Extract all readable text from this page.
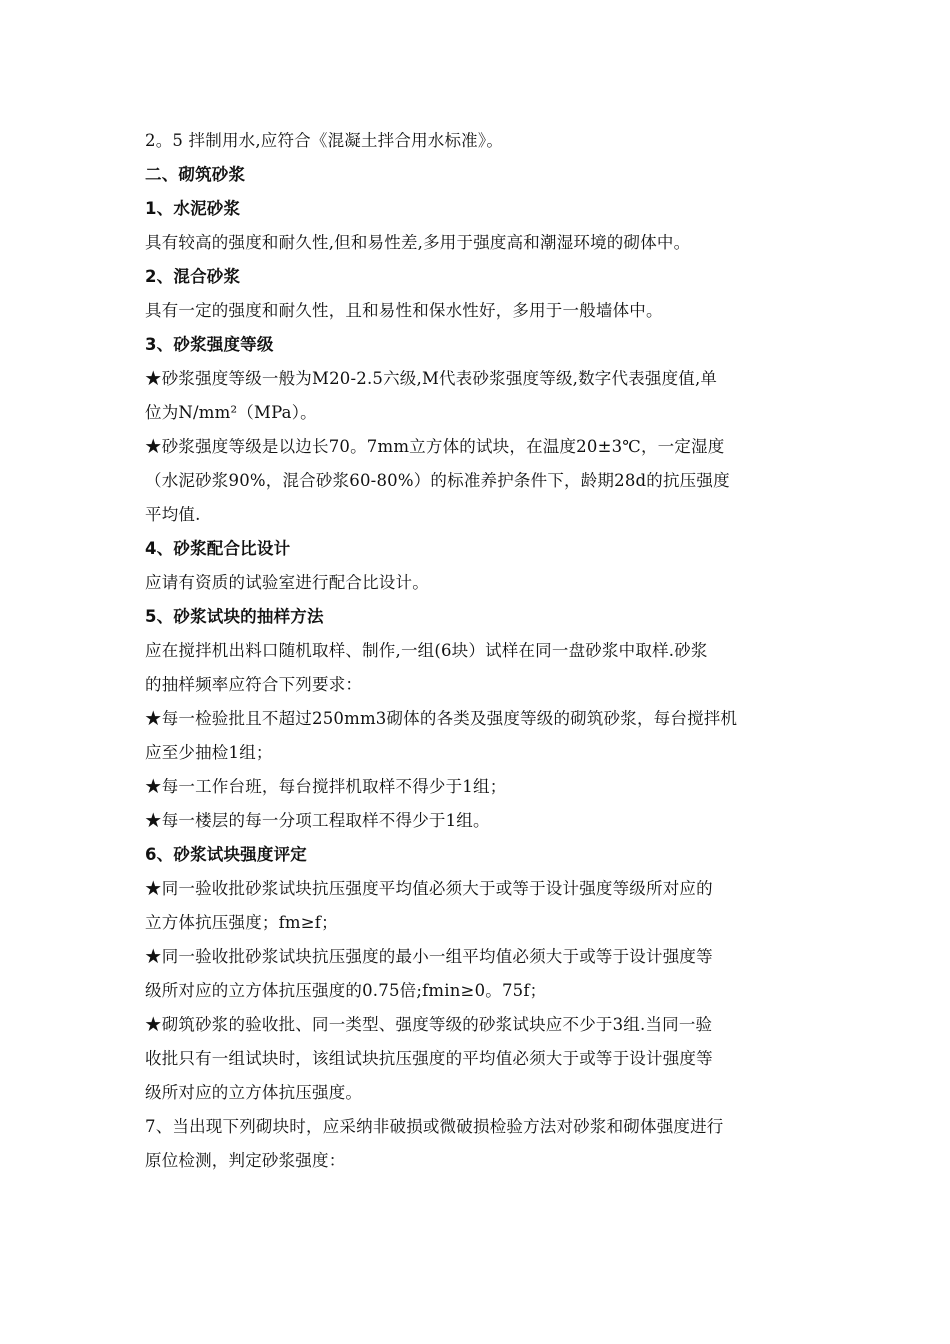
2。5 拌制用水,应符合《混凝土拌合用水标准》。
二、砌筑砂浆
1、水泥砂浆
具有较高的强度和耐久性,但和易性差,多用于强度高和潮湿环境的砌体中。
2、混合砂浆
具有一定的强度和耐久性，且和易性和保水性好，多用于一般墙体中。
3、砂浆强度等级
★砂浆强度等级一般为M20-2.5六级,M代表砂浆强度等级,数字代表强度值,单
位为N/mm²（MPa）。
★砂浆强度等级是以边长70。7mm立方体的试块，在温度20±3℃，一定湿度
（水泥砂浆90%，混合砂浆60-80%）的标准养护条件下，龄期28d的抗压强度
平均值.
4、砂浆配合比设计
应请有资质的试验室进行配合比设计。
5、砂浆试块的抽样方法
应在搅拌机出料口随机取样、制作,一组(6块）试样在同一盘砂浆中取样.砂浆
的抽样频率应符合下列要求：
★每一检验批且不超过250mm3砌体的各类及强度等级的砌筑砂浆，每台搅拌机
应至少抽检1组；
★每一工作台班，每台搅拌机取样不得少于1组；
★每一楼层的每一分项工程取样不得少于1组。
6、砂浆试块强度评定
★同一验收批砂浆试块抗压强度平均值必须大于或等于设计强度等级所对应的
立方体抗压强度；fm≥f；
★同一验收批砂浆试块抗压强度的最小一组平均值必须大于或等于设计强度等
级所对应的立方体抗压强度的0.75倍;fmin≥0。75f；
★砌筑砂浆的验收批、同一类型、强度等级的砂浆试块应不少于3组.当同一验
收批只有一组试块时，该组试块抗压强度的平均值必须大于或等于设计强度等
级所对应的立方体抗压强度。
7、当出现下列砌块时，应采纳非破损或微破损检验方法对砂浆和砌体强度进行
原位检测，判定砂浆强度：
